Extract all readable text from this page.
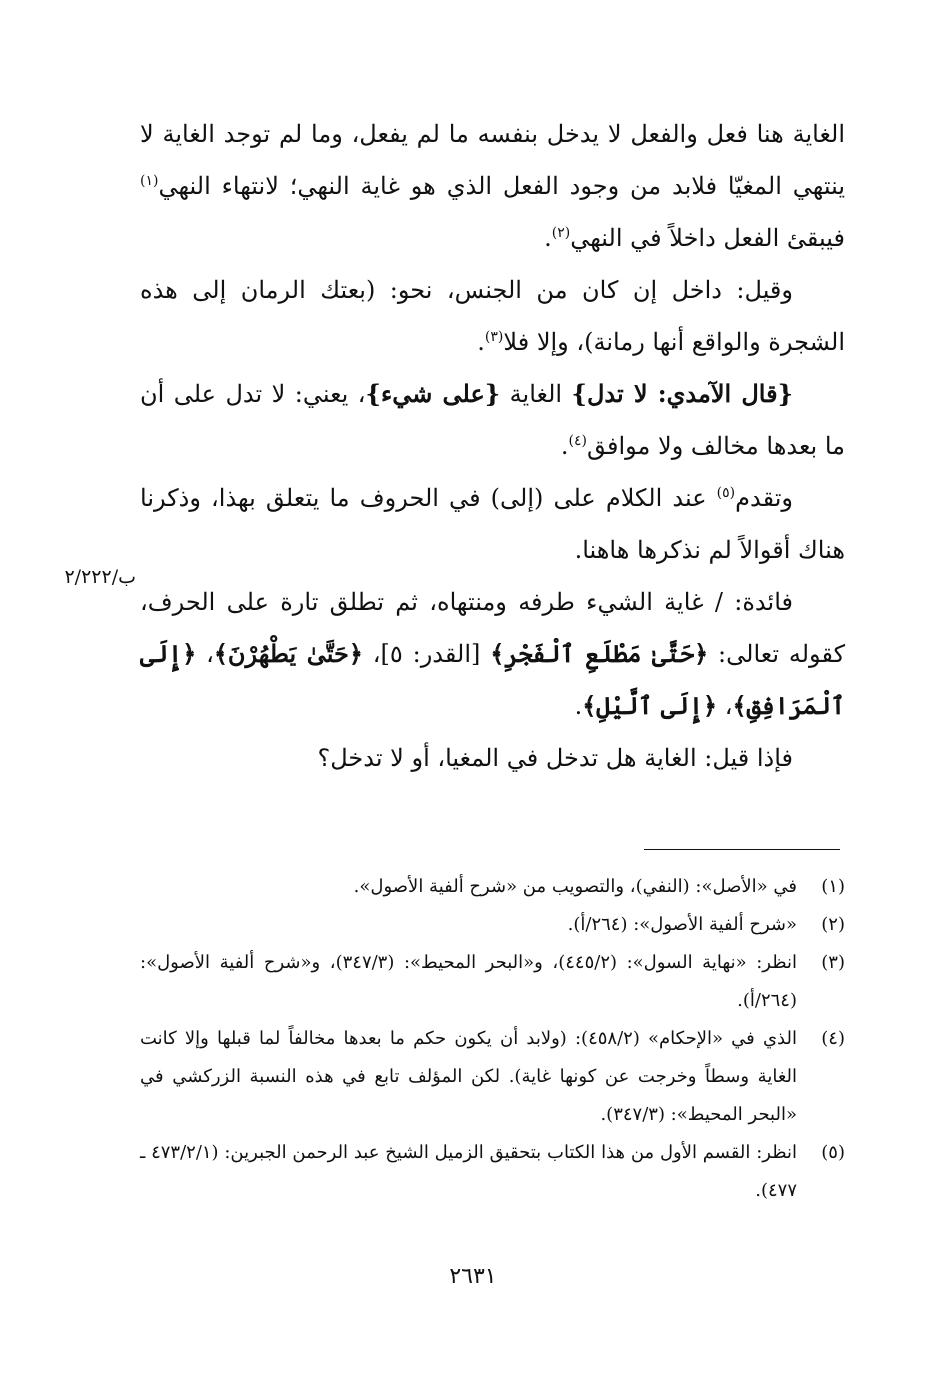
الغاية هنا فعل والفعل لا يدخل بنفسه ما لم يفعل، وما لم توجد الغاية لا ينتهي المغيّا فلابد من وجود الفعل الذي هو غاية النهي؛ لانتهاء النهي$^{(١)}$ فيبقئ الفعل داخلاً في النهي$^{(٢)}$.

وقيل: داخل إن كان من الجنس، نحو: (بعتك الرمان إلى هذه الشجرة والواقع أنها رمانة)، وإلا فلا$^{(٣)}$.

{قال الآمدي: لا تدل} الغاية {على شيء}، يعني: لا تدل على أن ما بعدها مخالف ولا موافق$^{(٤)}$.

وتقدم$^{(٥)}$ عند الكلام على (إلى) في الحروف ما يتعلق بهذا، وذكرنا هناك أقوالاً لم نذكرها هاهنا.

فائدة: / غاية الشيء طرفه ومنتهاه، ثم تطلق تارة على الحرف، كقوله تعالى: ﴿حَتَّىٰ مَطْلَعِ ٱلْفَجْرِ﴾ [القدر: ٥]، ﴿حَتَّىٰ يَطْهُرْنَ﴾، ﴿إِلَى ٱلْمَرَافِقِ﴾، ﴿إِلَى ٱلَّيْلِ﴾.

فإذا قيل: الغاية هل تدخل في المغيا، أو لا تدخل؟

ب/٢/٢٢٢
(١)
في «الأصل»: (النفي)، والتصويب من «شرح ألفية الأصول».
(٢)
«شرح ألفية الأصول»: (٢٦٤/أ).
(٣)
انظر: «نهاية السول»: (٤٤٥/٢)، و«البحر المحيط»: (٣٤٧/٣)، و«شرح ألفية الأصول»: (٢٦٤/أ).
(٤)
الذي في «الإحكام» (٤٥٨/٢): (ولابد أن يكون حكم ما بعدها مخالفاً لما قبلها وإلا كانت الغاية وسطاً وخرجت عن كونها غاية). لكن المؤلف تابع في هذه النسبة الزركشي في «البحر المحيط»: (٣٤٧/٣).
(٥)
انظر: القسم الأول من هذا الكتاب بتحقيق الزميل الشيخ عبد الرحمن الجبرين: (٤٧٣/٢/١ ـ ٤٧٧).
٢٦٣١
